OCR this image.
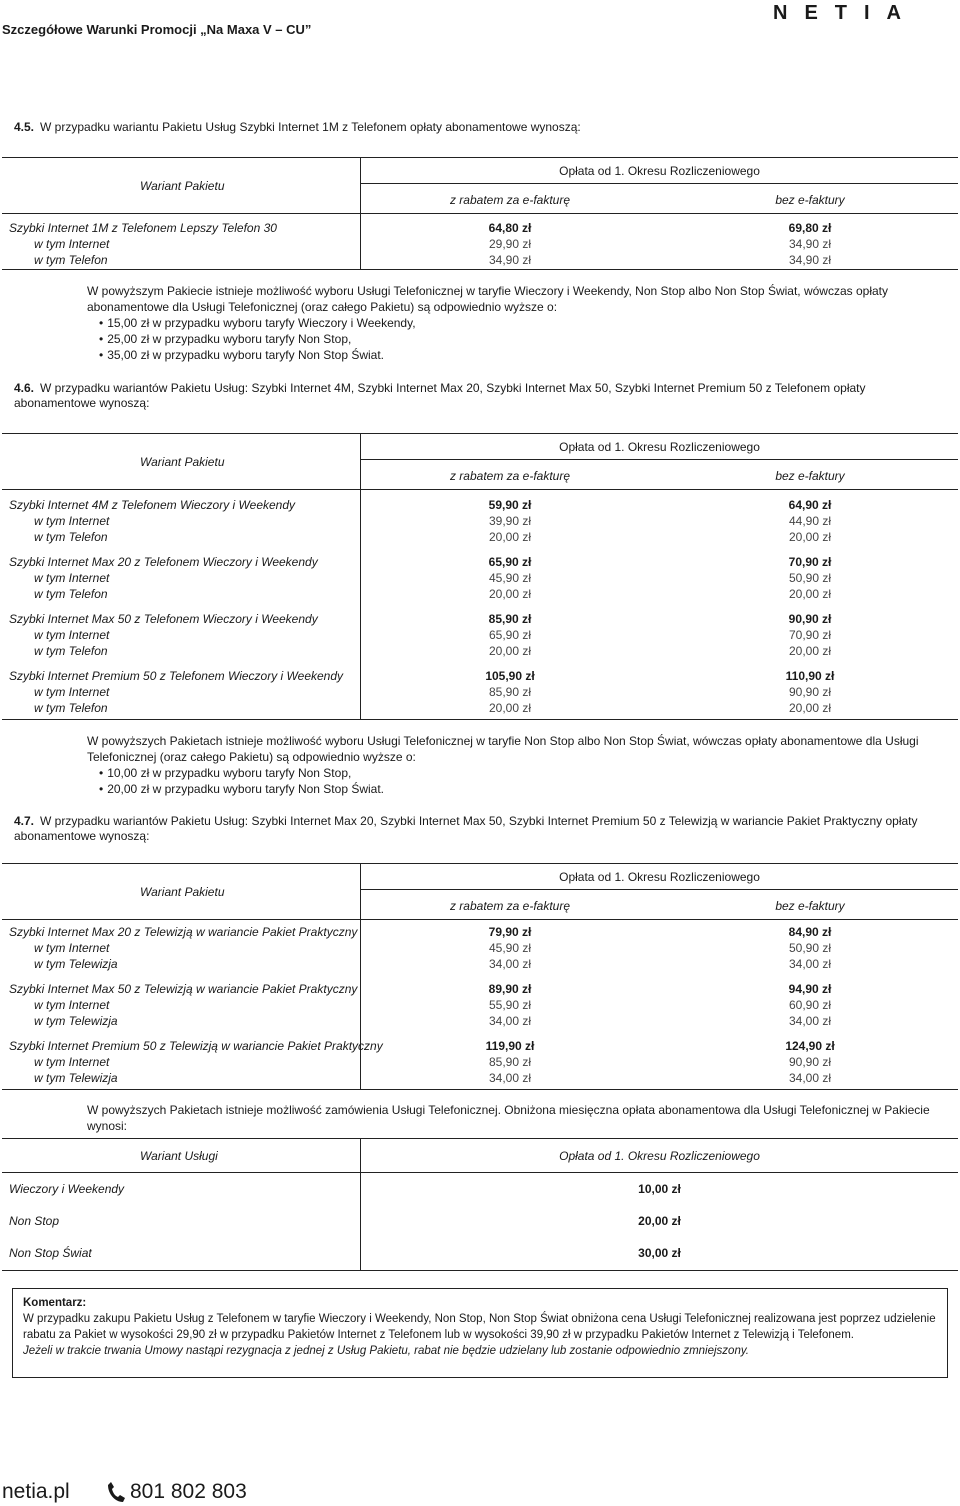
Szczegółowe Warunki Promocji „Na Maxa V – CU”
NETIA
4.5. W przypadku wariantu Pakietu Usług Szybki Internet 1M z Telefonem opłaty abonamentowe wynoszą:
Wariant Pakietu
Opłata od 1. Okresu Rozliczeniowego
z rabatem za e-fakturę	bez e-faktury
Szybki Internet 1M z Telefonem Lepszy Telefon 30	64,80 zł	69,80 zł
w tym Internet	29,90 zł	34,90 zł
w tym Telefon	34,90 zł	34,90 zł
Wariant Pakietu
Opłata od 1. Okresu Rozliczeniowego
z rabatem za e-fakturę	bez e-faktury
Szybki Internet 4M z Telefonem Wieczory i Weekendy	59,90 zł	64,90 zł
w tym Internet	39,90 zł	44,90 zł
w tym Telefon	20,00 zł	20,00 zł
Szybki Internet Max 20 z Telefonem Wieczory i Weekendy	65,90 zł	70,90 zł
w tym Internet	45,90 zł	50,90 zł
w tym Telefon	20,00 zł	20,00 zł
Szybki Internet Max 50 z Telefonem Wieczory i Weekendy	85,90 zł	90,90 zł
w tym Internet	65,90 zł	70,90 zł
w tym Telefon	20,00 zł	20,00 zł
Szybki Internet Premium 50 z Telefonem Wieczory i Weekendy	105,90 zł	110,90 zł
w tym Internet	85,90 zł	90,90 zł
w tym Telefon	20,00 zł	20,00 zł
Wariant Pakietu
Opłata od 1. Okresu Rozliczeniowego
z rabatem za e-fakturę	bez e-faktury
Szybki Internet Max 20 z Telewizją w wariancie Pakiet Praktyczny	79,90 zł	84,90 zł
w tym Internet	45,90 zł	50,90 zł
w tym Telewizja	34,00 zł	34,00 zł
Szybki Internet Max 50 z Telewizją w wariancie Pakiet Praktyczny	89,90 zł	94,90 zł
w tym Internet	55,90 zł	60,90 zł
w tym Telewizja	34,00 zł	34,00 zł
Szybki Internet Premium 50 z Telewizją w wariancie Pakiet Praktyczny	119,90 zł	124,90 zł
w tym Internet	85,90 zł	90,90 zł
w tym Telewizja	34,00 zł	34,00 zł
W powyższym Pakiecie istnieje możliwość wyboru Usługi Telefonicznej w taryfie Wieczory i Weekendy, Non Stop albo Non Stop Świat, wówczas opłaty abonamentowe dla Usługi Telefonicznej (oraz całego Pakietu) są odpowiednio wyższe o:
• 15,00 zł w przypadku wyboru taryfy Wieczory i Weekendy,
• 25,00 zł w przypadku wyboru taryfy Non Stop,
• 35,00 zł w przypadku wyboru taryfy Non Stop Świat.
4.6. W przypadku wariantów Pakietu Usług: Szybki Internet 4M, Szybki Internet Max 20, Szybki Internet Max 50, Szybki Internet Premium 50 z Telefonem opłaty abonamentowe wynoszą:
W powyższych Pakietach istnieje możliwość wyboru Usługi Telefonicznej w taryfie Non Stop albo Non Stop Świat, wówczas opłaty abonamentowe dla Usługi Telefonicznej (oraz całego Pakietu) są odpowiednio wyższe o:
• 10,00 zł w przypadku wyboru taryfy Non Stop,
• 20,00 zł w przypadku wyboru taryfy Non Stop Świat.
4.7. W przypadku wariantów Pakietu Usług: Szybki Internet Max 20, Szybki Internet Max 50, Szybki Internet Premium 50 z Telewizją w wariancie Pakiet Praktyczny opłaty abonamentowe wynoszą:
W powyższych Pakietach istnieje możliwość zamówienia Usługi Telefonicznej. Obniżona miesięczna opłata abonamentowa dla Usługi Telefonicznej w Pakiecie wynosi:
Wariant Usługi	Opłata od 1. Okresu Rozliczeniowego
Wieczory i Weekendy	10,00 zł
Non Stop	20,00 zł
Non Stop Świat	30,00 zł
Komentarz:
W przypadku zakupu Pakietu Usług z Telefonem w taryfie Wieczory i Weekendy, Non Stop, Non Stop Świat obniżona cena Usługi Telefonicznej realizowana jest poprzez udzielenie rabatu za Pakiet w wysokości 29,90 zł w przypadku Pakietów Internet z Telefonem lub w wysokości 39,90 zł w przypadku Pakietów Internet z Telewizją i Telefonem.
Jeżeli w trakcie trwania Umowy nastąpi rezygnacja z jednej z Usług Pakietu, rabat nie będzie udzielany lub zostanie odpowiednio zmniejszony.
netia.pl	801 802 803
